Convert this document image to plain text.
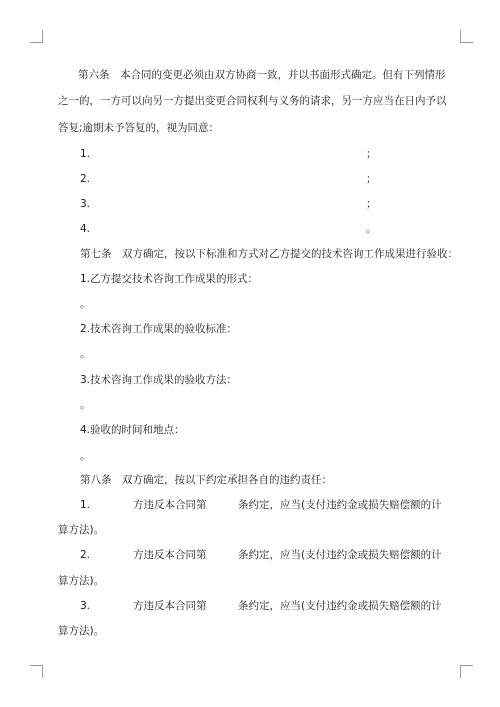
第六条　本合同的变更必须由双方协商一致，并以书面形式确定。但有下列情形
之一的，一方可以向另一方提出变更合同权利与义务的请求，另一方应当在日内予以
答复;逾期未予答复的，视为同意：
1.	；
2.	；
3.	；
4.	。
第七条　双方确定，按以下标准和方式对乙方提交的技术咨询工作成果进行验收：
1.乙方提交技术咨询工作成果的形式：
。
2.技术咨询工作成果的验收标准：
。
3.技术咨询工作成果的验收方法：
。
4.验收的时间和地点：
。
第八条　双方确定，按以下约定承担各自的违约责任：
1.	方违反本合同第	条约定，应当(支付违约金或损失赔偿额的计
算方法)。
2.	方违反本合同第	条约定，应当(支付违约金或损失赔偿额的计
算方法)。
3.	方违反本合同第	条约定，应当(支付违约金或损失赔偿额的计
算方法)。
